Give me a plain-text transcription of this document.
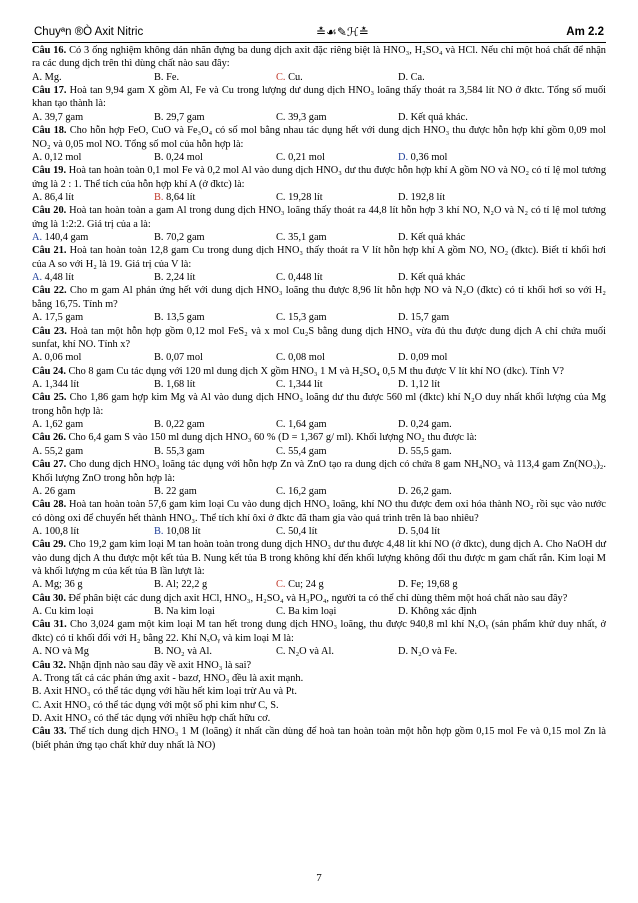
Chuyªn ®Ò Axit Nitric	≛☙✎ℋ≛	Am 2.2
Câu 16. Có 3 ống nghiệm không dán nhãn đựng ba dung dịch axit đặc riêng biệt là HNO₃, H₂SO₄ và HCl. Nếu chỉ một hoá chất để nhận ra các dung dịch trên thì dùng chất nào sau đây:
A. Mg.	B. Fe.	C. Cu.	D. Ca.
Câu 17. Hoà tan 9,94 gam X gồm Al, Fe và Cu trong lượng dư dung dịch HNO₃ loãng thấy thoát ra 3,584 lít NO ở đktc. Tổng số muối khan tạo thành là:
A. 39,7 gam	B. 29,7 gam	C. 39,3 gam	D. Kết quả khác.
Câu 18. Cho hỗn hợp FeO, CuO và Fe₃O₄ có số mol bằng nhau tác dụng hết với dung dịch HNO₃ thu được hỗn hợp khí gồm 0,09 mol NO₂ và 0,05 mol NO. Tổng số mol của hỗn hợp là:
A. 0,12 mol	B. 0,24 mol	C. 0,21 mol	D. 0,36 mol
Câu 19. Hoà tan hoàn toàn 0,1 mol Fe và 0,2 mol Al vào dung dịch HNO₃ dư thu được hỗn hợp khí A gồm NO và NO₂ có tỉ lệ mol tương ứng là 2 : 1. Thể tích của hỗn hợp khí A (ở đktc) là:
A. 86,4 lít	B. 8,64 lít	C. 19,28 lít	D. 192,8 lít
Câu 20. Hoà tan hoàn toàn a gam Al trong dung dịch HNO₃ loãng thấy thoát ra 44,8 lít hỗn hợp 3 khí NO, N₂O và N₂ có tỉ lệ mol tương ứng là 1:2:2. Giá trị của a là:
A. 140,4 gam	B. 70,2 gam	C. 35,1 gam	D. Kết quả khác
Câu 21. Hoà tan hoàn toàn 12,8 gam Cu trong dung dịch HNO₃ thấy thoát ra V lít hỗn hợp khí A gồm NO, NO₂ (đktc). Biết tỉ khối hơi của A so với H₂ là 19. Giá trị của V là:
A. 4,48 lít	B. 2,24 lít	C. 0,448 lít	D. Kết quả khác
Câu 22. Cho m gam Al phản ứng hết với dung dịch HNO₃ loãng thu được 8,96 lít hỗn hợp NO và N₂O (đktc) có tỉ khối hơi so với H₂ bằng 16,75. Tính m?
A. 17,5 gam	B. 13,5 gam	C. 15,3 gam	D. 15,7 gam
Câu 23. Hoà tan một hỗn hợp gồm 0,12 mol FeS₂ và x mol Cu₂S bằng dung dịch HNO₃ vừa đủ thu được dung dịch A chỉ chứa muối sunfat, khí NO. Tính x?
A. 0,06 mol	B. 0,07 mol	C. 0,08 mol	D. 0,09 mol
Câu 24. Cho 8 gam Cu tác dụng với 120 ml dung dịch X gồm HNO₃ 1 M và H₂SO₄ 0,5 M thu được V lít khí NO (dkc). Tính V?
A. 1,344 lít	B. 1,68 lít	C. 1,344 lít	D. 1,12 lít
Câu 25. Cho 1,86 gam hợp kim Mg và Al vào dung dịch HNO₃ loãng dư thu được 560 ml (đktc) khí N₂O duy nhất khối lượng của Mg trong hỗn hợp là:
A. 1,62 gam	B. 0,22 gam	C. 1,64 gam	D. 0,24 gam.
Câu 26. Cho 6,4 gam S vào 150 ml dung dịch HNO₃ 60 % (D = 1,367 g/ ml). Khối lượng NO₂ thu được là:
A. 55,2 gam	B. 55,3 gam	C. 55,4 gam	D. 55,5 gam.
Câu 27. Cho dung dịch HNO₃ loãng tác dụng với hỗn hợp Zn và ZnO tạo ra dung dịch có chứa 8 gam NH₄NO₃ và 113,4 gam Zn(NO₃)₂. Khối lượng ZnO trong hỗn hợp là:
A. 26 gam	B. 22 gam	C. 16,2 gam	D. 26,2 gam.
Câu 28. Hoà tan hoàn toàn 57,6 gam kim loại Cu vào dung dịch HNO₃ loãng, khí NO thu được đem oxi hóa thành NO₂ rồi sục vào nước có dòng oxi để chuyển hết thành HNO₃. Thể tích khí ôxi ở đktc đã tham gia vào quá trình trên là bao nhiêu?
A. 100,8 lít	B. 10,08 lít	C. 50,4 lít	D. 5,04 lít
Câu 29. Cho 19,2 gam kim loại M tan hoàn toàn trong dung dịch HNO₃ dư thu được 4,48 lít khí NO (ở đktc), dung dịch A. Cho NaOH dư vào dung dịch A thu được một kết tủa B. Nung kết tủa B trong không khí đến khối lượng không đổi thu được m gam chất rắn. Kim loại M và khối lượng m của kết tủa B lần lượt là:
A. Mg; 36 g	B. Al; 22,2 g	C. Cu; 24 g	D. Fe; 19,68 g
Câu 30. Để phân biệt các dung dịch axit HCl, HNO₃, H₂SO₄ và H₃PO₄, người ta có thể chỉ dùng thêm một hoá chất nào sau đây?
A. Cu kim loại	B. Na kim loại	C. Ba kim loại	D. Không xác định
Câu 31. Cho 3,024 gam một kim loại M tan hết trong dung dịch HNO₃ loãng, thu được 940,8 ml khí NₓOᵧ (sản phẩm khử duy nhất, ở đktc) có tỉ khối đối với H₂ bằng 22. Khí NₓOᵧ và kim loại M là:
A. NO và Mg	B. NO₂ và Al.	C. N₂O và Al.	D. N₂O và Fe.
Câu 32. Nhận định nào sau đây về axit HNO₃ là sai?
A. Trong tất cả các phản ứng axit - bazơ, HNO₃ đều là axit mạnh.
B. Axit HNO₃ có thể tác dụng với hầu hết kim loại trừ Au và Pt.
C. Axit HNO₃ có thể tác dụng với một số phi kim như C, S.
D. Axit HNO₃ có thể tác dụng với nhiều hợp chất hữu cơ.
Câu 33. Thể tích dung dịch HNO₃ 1 M (loãng) ít nhất cần dùng để hoà tan hoàn toàn một hỗn hợp gồm 0,15 mol Fe và 0,15 mol Zn là (biết phản ứng tạo chất khử duy nhất là NO)
7
